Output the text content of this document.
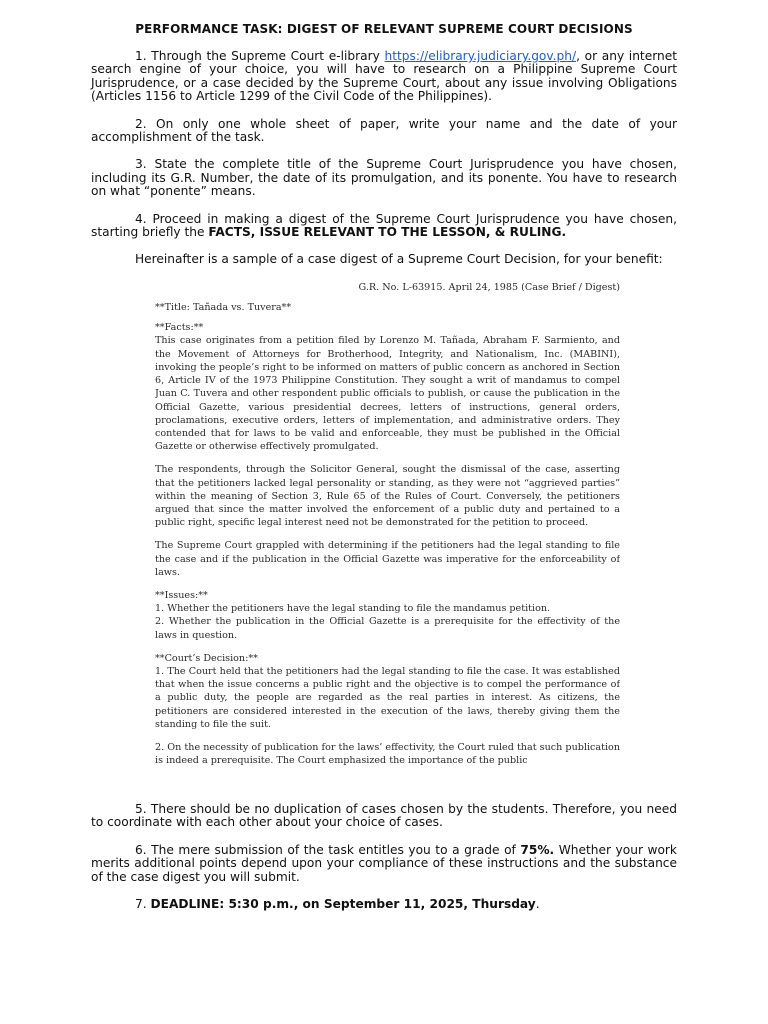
PERFORMANCE TASK: DIGEST OF RELEVANT SUPREME COURT DECISIONS

1. Through the Supreme Court e-library https://elibrary.judiciary.gov.ph/, or any internet search engine of your choice, you will have to research on a Philippine Supreme Court Jurisprudence, or a case decided by the Supreme Court, about any issue involving Obligations (Articles 1156 to Article 1299 of the Civil Code of the Philippines).

2. On only one whole sheet of paper, write your name and the date of your accomplishment of the task.

3. State the complete title of the Supreme Court Jurisprudence you have chosen, including its G.R. Number, the date of its promulgation, and its ponente. You have to research on what “ponente” means.

4. Proceed in making a digest of the Supreme Court Jurisprudence you have chosen, starting briefly the FACTS, ISSUE RELEVANT TO THE LESSON, & RULING.

Hereinafter is a sample of a case digest of a Supreme Court Decision, for your benefit:

G.R. No. L-63915. April 24, 1985 (Case Brief / Digest)
**Title: Tañada vs. Tuvera**
**Facts:**
This case originates from a petition filed by Lorenzo M. Tañada, Abraham F. Sarmiento, and the Movement of Attorneys for Brotherhood, Integrity, and Nationalism, Inc. (MABINI), invoking the people’s right to be informed on matters of public concern as anchored in Section 6, Article IV of the 1973 Philippine Constitution. They sought a writ of mandamus to compel Juan C. Tuvera and other respondent public officials to publish, or cause the publication in the Official Gazette, various presidential decrees, letters of instructions, general orders, proclamations, executive orders, letters of implementation, and administrative orders. They contended that for laws to be valid and enforceable, they must be published in the Official Gazette or otherwise effectively promulgated.
The respondents, through the Solicitor General, sought the dismissal of the case, asserting that the petitioners lacked legal personality or standing, as they were not “aggrieved parties” within the meaning of Section 3, Rule 65 of the Rules of Court. Conversely, the petitioners argued that since the matter involved the enforcement of a public duty and pertained to a public right, specific legal interest need not be demonstrated for the petition to proceed.
The Supreme Court grappled with determining if the petitioners had the legal standing to file the case and if the publication in the Official Gazette was imperative for the enforceability of laws.
**Issues:**
1. Whether the petitioners have the legal standing to file the mandamus petition.
2. Whether the publication in the Official Gazette is a prerequisite for the effectivity of the laws in question.
**Court’s Decision:**
1. The Court held that the petitioners had the legal standing to file the case. It was established that when the issue concerns a public right and the objective is to compel the performance of a public duty, the people are regarded as the real parties in interest. As citizens, the petitioners are considered interested in the execution of the laws, thereby giving them the standing to file the suit.
2. On the necessity of publication for the laws’ effectivity, the Court ruled that such publication is indeed a prerequisite. The Court emphasized the importance of the public

5. There should be no duplication of cases chosen by the students. Therefore, you need to coordinate with each other about your choice of cases.

6. The mere submission of the task entitles you to a grade of 75%. Whether your work merits additional points depend upon your compliance of these instructions and the substance of the case digest you will submit.

7. DEADLINE: 5:30 p.m., on September 11, 2025, Thursday.
